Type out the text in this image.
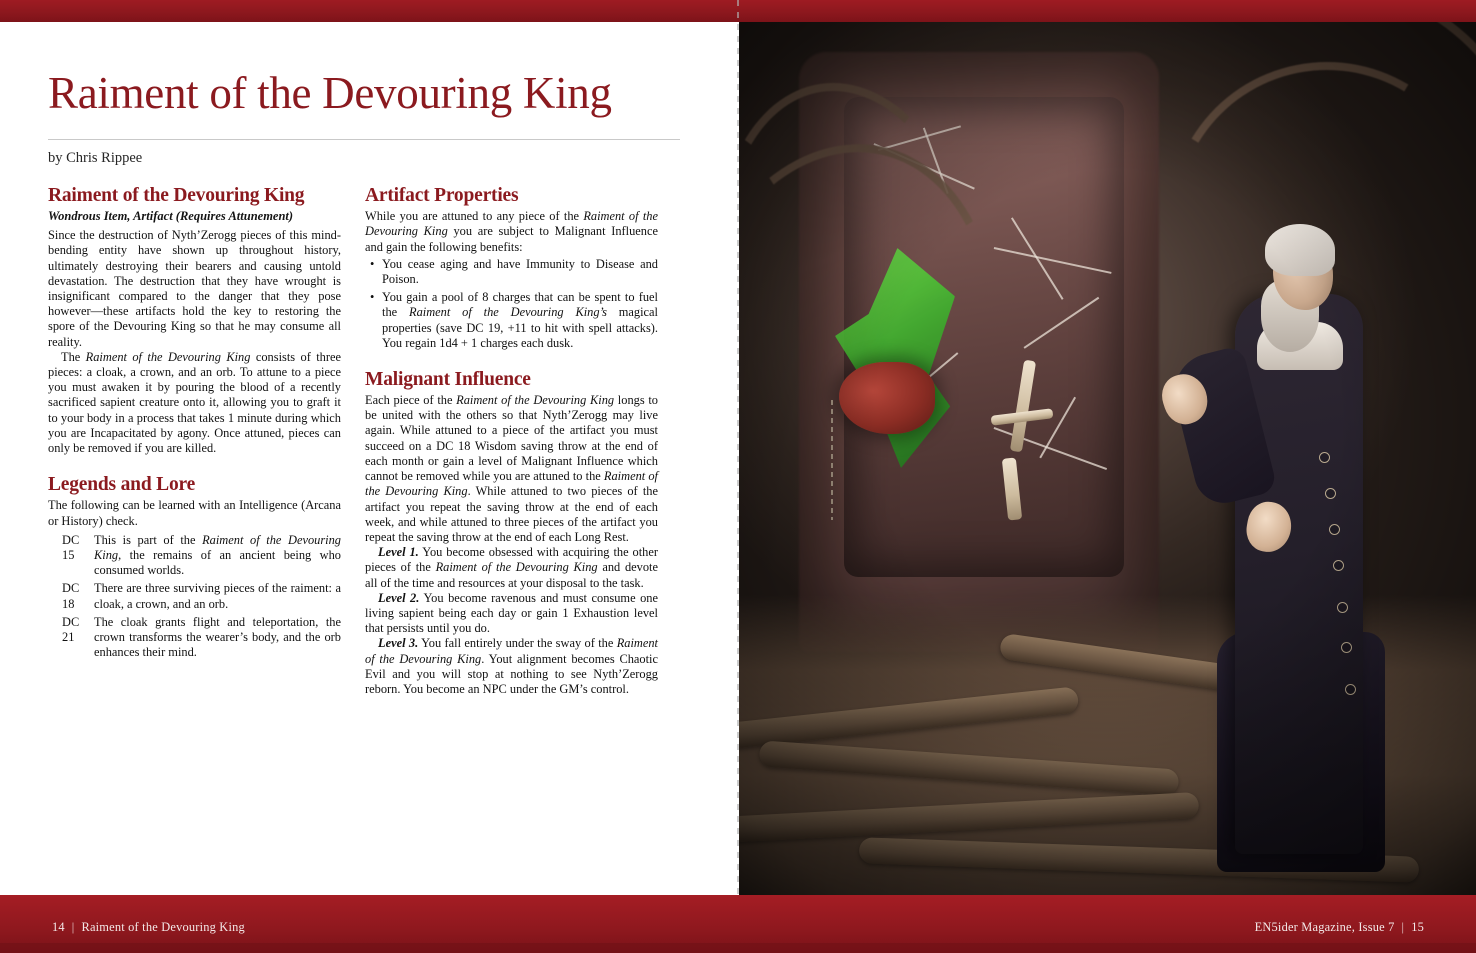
Raiment of the Devouring King
by Chris Rippee
Raiment of the Devouring King
Wondrous Item, Artifact (Requires Attunement)

Since the destruction of Nyth’Zerogg pieces of this mind-bending entity have shown up throughout history, ultimately destroying their bearers and causing untold devastation. The destruction that they have wrought is insignificant compared to the danger that they pose however—these artifacts hold the key to restoring the spore of the Devouring King so that he may consume all reality.

The Raiment of the Devouring King consists of three pieces: a cloak, a crown, and an orb. To attune to a piece you must awaken it by pouring the blood of a recently sacrificed sapient creature onto it, allowing you to graft it to your body in a process that takes 1 minute during which you are Incapacitated by agony. Once attuned, pieces can only be removed if you are killed.

Legends and Lore

The following can be learned with an Intelligence (Arcana or History) check.

DC 15
This is part of the Raiment of the Devouring King, the remains of an ancient being who consumed worlds.
DC 18
There are three surviving pieces of the raiment: a cloak, a crown, and an orb.
DC 21
The cloak grants flight and teleportation, the crown transforms the wearer’s body, and the orb enhances their mind.
Artifact Properties

While you are attuned to any piece of the Raiment of the Devouring King you are subject to Malignant Influence and gain the following benefits:

• You cease aging and have Immunity to Disease and Poison.
• You gain a pool of 8 charges that can be spent to fuel the Raiment of the Devouring King’s magical properties (save DC 19, +11 to hit with spell attacks). You regain 1d4 + 1 charges each dusk.
Malignant Influence

Each piece of the Raiment of the Devouring King longs to be united with the others so that Nyth’Zerogg may live again. While attuned to a piece of the artifact you must succeed on a DC 18 Wisdom saving throw at the end of each month or gain a level of Malignant Influence which cannot be removed while you are attuned to the Raiment of the Devouring King. While attuned to two pieces of the artifact you repeat the saving throw at the end of each week, and while attuned to three pieces of the artifact you repeat the saving throw at the end of each Long Rest.

Level 1. You become obsessed with acquiring the other pieces of the Raiment of the Devouring King and devote all of the time and resources at your disposal to the task.

Level 2. You become ravenous and must consume one living sapient being each day or gain 1 Exhaustion level that persists until you do.

Level 3. You fall entirely under the sway of the Raiment of the Devouring King. Yout alignment becomes Chaotic Evil and you will stop at nothing to see Nyth’Zerogg reborn. You become an NPC under the GM’s control.

14 | Raiment of the Devouring King	EN5ider Magazine, Issue 7 | 15
